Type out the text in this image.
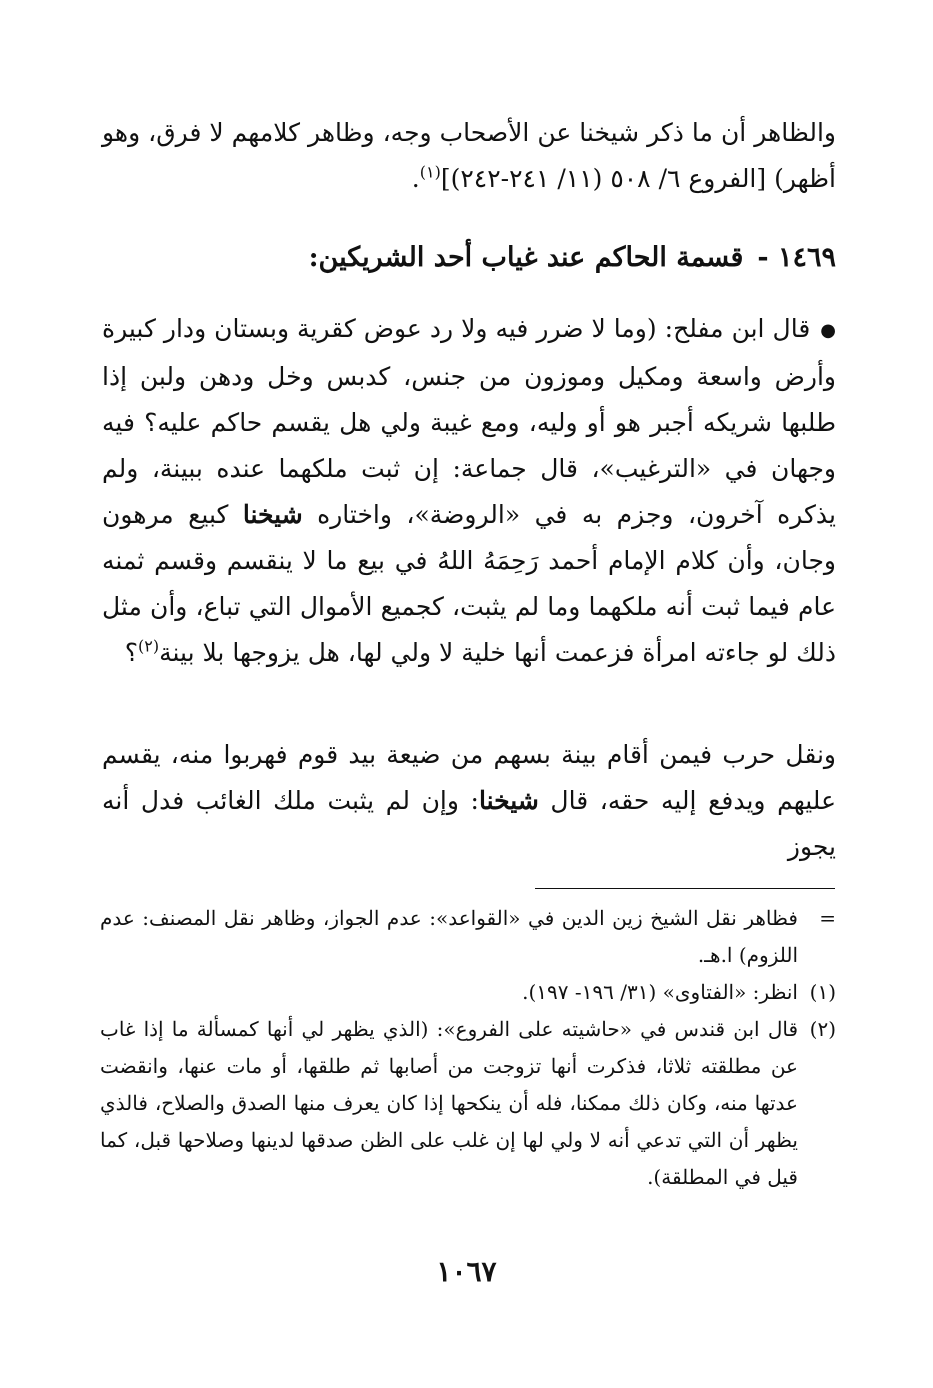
والظاهر أن ما ذكر شيخنا عن الأصحاب وجه، وظاهر كلامهم لا فرق، وهو أظهر) [الفروع ٦/ ٥٠٨ (١١/ ٢٤١-٢٤٢)]$^{(١)}$.
١٤٦٩ -قسمة الحاكم عند غياب أحد الشريكين:
●قال ابن مفلح: (وما لا ضرر فيه ولا رد عوض كقرية وبستان ودار كبيرة وأرض واسعة ومكيل وموزون من جنس، كدبس وخل ودهن ولبن إذا طلبها شريكه أجبر هو أو وليه، ومع غيبة ولي هل يقسم حاكم عليه؟ فيه وجهان في «الترغيب»، قال جماعة: إن ثبت ملكهما عنده ببينة، ولم يذكره آخرون، وجزم به في «الروضة»، واختاره شيخنا كبيع مرهون وجان، وأن كلام الإمام أحمد رَحِمَهُ اللهُ في بيع ما لا ينقسم وقسم ثمنه عام فيما ثبت أنه ملكهما وما لم يثبت، كجميع الأموال التي تباع، وأن مثل ذلك لو جاءته امرأة فزعمت أنها خلية لا ولي لها، هل يزوجها بلا بينة$^{(٢)}$؟
ونقل حرب فيمن أقام بينة بسهم من ضيعة بيد قوم فهربوا منه، يقسم عليهم ويدفع إليه حقه، قال شيخنا: وإن لم يثبت ملك الغائب فدل أنه يجوز
=
فظاهر نقل الشيخ زين الدين في «القواعد»: عدم الجواز، وظاهر نقل المصنف: عدم اللزوم) ا.هـ.
(١)
انظر: «الفتاوى» (٣١/ ١٩٦- ١٩٧).
(٢)
قال ابن قندس في «حاشيته على الفروع»: (الذي يظهر لي أنها كمسألة ما إذا غاب عن مطلقته ثلاثا، فذكرت أنها تزوجت من أصابها ثم طلقها، أو مات عنها، وانقضت عدتها منه، وكان ذلك ممكنا، فله أن ينكحها إذا كان يعرف منها الصدق والصلاح، فالذي يظهر أن التي تدعي أنه لا ولي لها إن غلب على الظن صدقها لدينها وصلاحها قبل، كما قيل في المطلقة).
١٠٦٧
